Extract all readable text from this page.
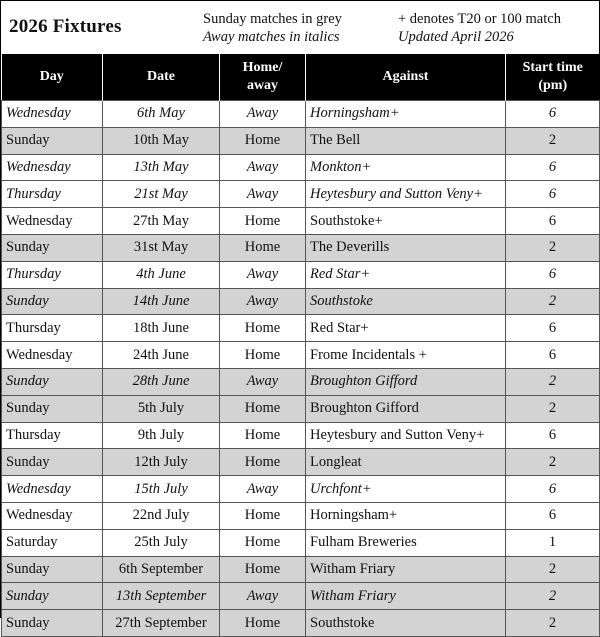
2026 Fixtures	Sunday matches in grey
Away matches in italics
+ denotes T20 or 100 match
Updated April 2026
Day	Date	Home/ away	Against	Start time (pm)
Wednesday	6th May	Away	Horningsham+	6
Sunday	10th May	Home	The Bell	2
Wednesday	13th May	Away	Monkton+	6
Thursday	21st May	Away	Heytesbury and Sutton Veny+	6
Wednesday	27th May	Home	Southstoke+	6
Sunday	31st May	Home	The Deverills	2
Thursday	4th June	Away	Red Star+	6
Sunday	14th June	Away	Southstoke	2
Thursday	18th June	Home	Red Star+	6
Wednesday	24th June	Home	Frome Incidentals +	6
Sunday	28th June	Away	Broughton Gifford	2
Sunday	5th July	Home	Broughton Gifford	2
Thursday	9th July	Home	Heytesbury and Sutton Veny+	6
Sunday	12th July	Home	Longleat	2
Wednesday	15th July	Away	Urchfont+	6
Wednesday	22nd July	Home	Horningsham+	6
Saturday	25th July	Home	Fulham Breweries	1
Sunday	6th September	Home	Witham Friary	2
Sunday	13th September	Away	Witham Friary	2
Sunday	27th September	Home	Southstoke	2
